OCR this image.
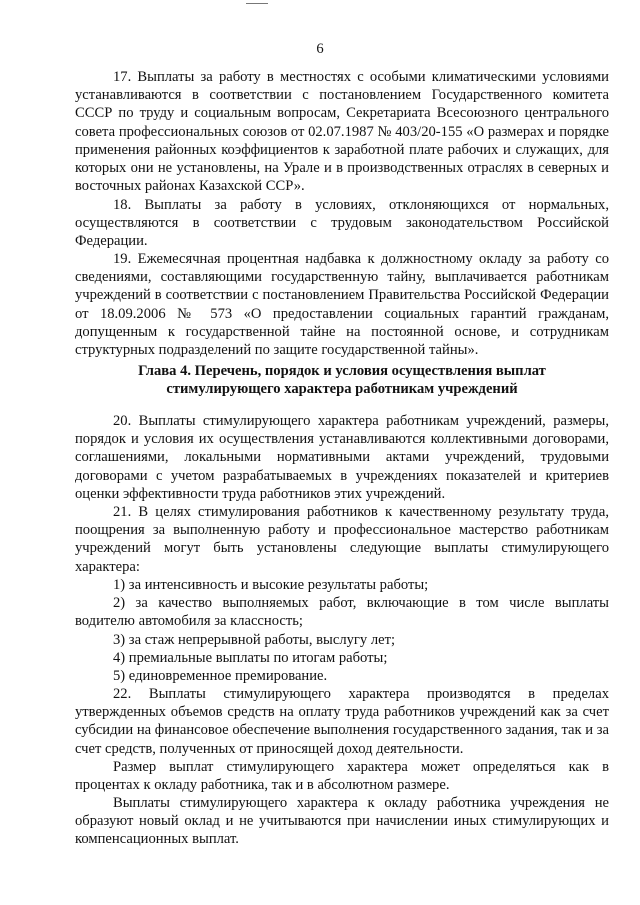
6

17. Выплаты за работу в местностях с особыми климатическими условиями устанавливаются в соответствии с постановлением Государственного комитета СССР по труду и социальным вопросам, Секретариата Всесоюзного центрального совета профессиональных союзов от 02.07.1987 № 403/20-155 «О размерах и порядке применения районных коэффициентов к заработной плате рабочих и служащих, для которых они не установлены, на Урале и в производственных отраслях в северных и восточных районах Казахской ССР».

18. Выплаты за работу в условиях, отклоняющихся от нормальных, осуществляются в соответствии с трудовым законодательством Российской Федерации.

19. Ежемесячная процентная надбавка к должностному окладу за работу со сведениями, составляющими государственную тайну, выплачивается работникам учреждений в соответствии с постановлением Правительства Российской Федерации от 18.09.2006 № 573 «О предоставлении социальных гарантий гражданам, допущенным к государственной тайне на постоянной основе, и сотрудникам структурных подразделений по защите государственной тайны».

Глава 4. Перечень, порядок и условия осуществления выплат
стимулирующего характера работникам учреждений

20. Выплаты стимулирующего характера работникам учреждений, размеры, порядок и условия их осуществления устанавливаются коллективными договорами, соглашениями, локальными нормативными актами учреждений, трудовыми договорами с учетом разрабатываемых в учреждениях показателей и критериев оценки эффективности труда работников этих учреждений.

21. В целях стимулирования работников к качественному результату труда, поощрения за выполненную работу и профессиональное мастерство работникам учреждений могут быть установлены следующие выплаты стимулирующего характера:

1) за интенсивность и высокие результаты работы;

2) за качество выполняемых работ, включающие в том числе выплаты водителю автомобиля за классность;

3) за стаж непрерывной работы, выслугу лет;

4) премиальные выплаты по итогам работы;

5) единовременное премирование.

22. Выплаты стимулирующего характера производятся в пределах утвержденных объемов средств на оплату труда работников учреждений как за счет субсидии на финансовое обеспечение выполнения государственного задания, так и за счет средств, полученных от приносящей доход деятельности.

Размер выплат стимулирующего характера может определяться как в процентах к окладу работника, так и в абсолютном размере.

Выплаты стимулирующего характера к окладу работника учреждения не образуют новый оклад и не учитываются при начислении иных стимулирующих и компенсационных выплат.
